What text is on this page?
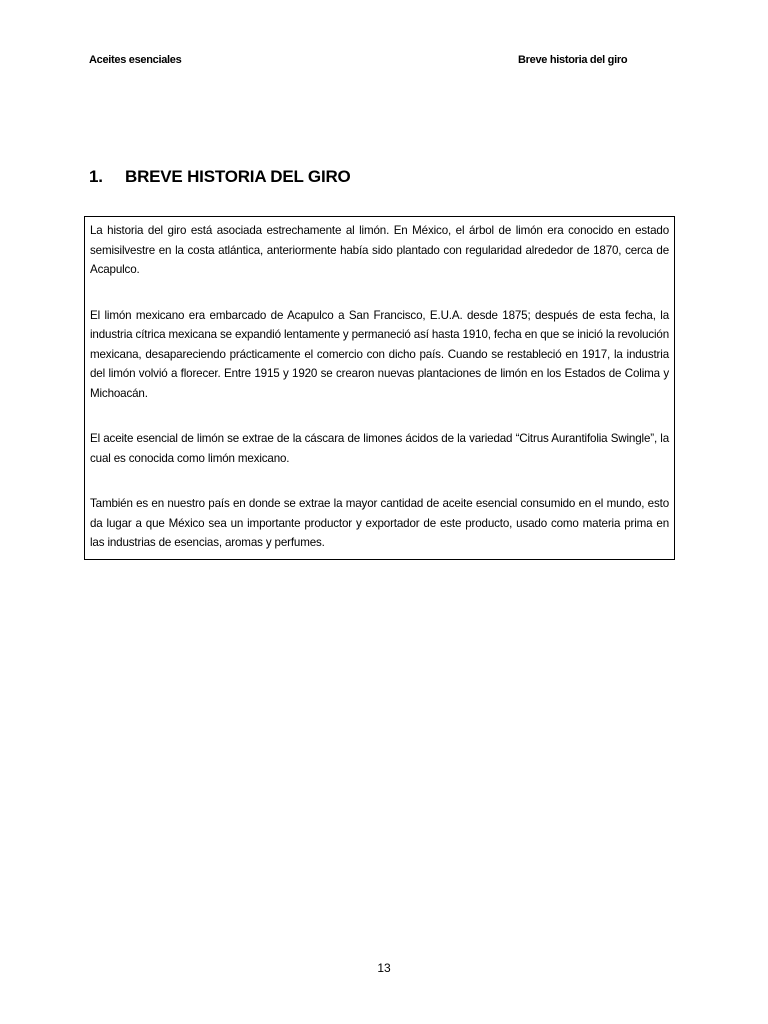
Aceites esenciales	Breve historia del giro
1. BREVE HISTORIA DEL GIRO

La historia del giro está asociada estrechamente al limón. En México, el árbol de limón era conocido en estado semisilvestre en la costa atlántica, anteriormente había sido plantado con regularidad alrededor de 1870, cerca de Acapulco.

El limón mexicano era embarcado de Acapulco a San Francisco, E.U.A. desde 1875; después de esta fecha, la industria cítrica mexicana se expandió lentamente y permaneció así hasta 1910, fecha en que se inició la revolución mexicana, desapareciendo prácticamente el comercio con dicho país. Cuando se restableció en 1917, la industria del limón volvió a florecer. Entre 1915 y 1920 se crearon nuevas plantaciones de limón en los Estados de Colima y Michoacán.

El aceite esencial de limón se extrae de la cáscara de limones ácidos de la variedad “Citrus Aurantifolia Swingle”, la cual es conocida como limón mexicano.

También es en nuestro país en donde se extrae la mayor cantidad de aceite esencial consumido en el mundo, esto da lugar a que México sea un importante productor y exportador de este producto, usado como materia prima en las industrias de esencias, aromas y perfumes.

13
